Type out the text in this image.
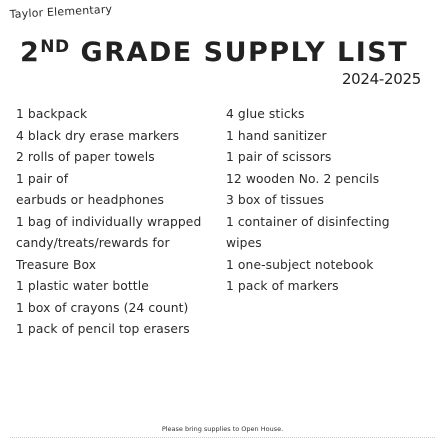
Taylor Elementary
2ND GRADE SUPPLY LIST
2024-2025
1 backpack
4 black dry erase markers
2 rolls of paper towels
1 pair of
earbuds or headphones
1 bag of individually wrapped
candy/treats/rewards for
Treasure Box
1 plastic water bottle
1 box of crayons (24 count)
1 pack of pencil top erasers
4 glue sticks
1 hand sanitizer
1 pair of scissors
12 wooden No. 2 pencils
3 box of tissues
1 container of disinfecting
wipes
1 one-subject notebook
1 pack of markers
Please bring supplies to Open House.
